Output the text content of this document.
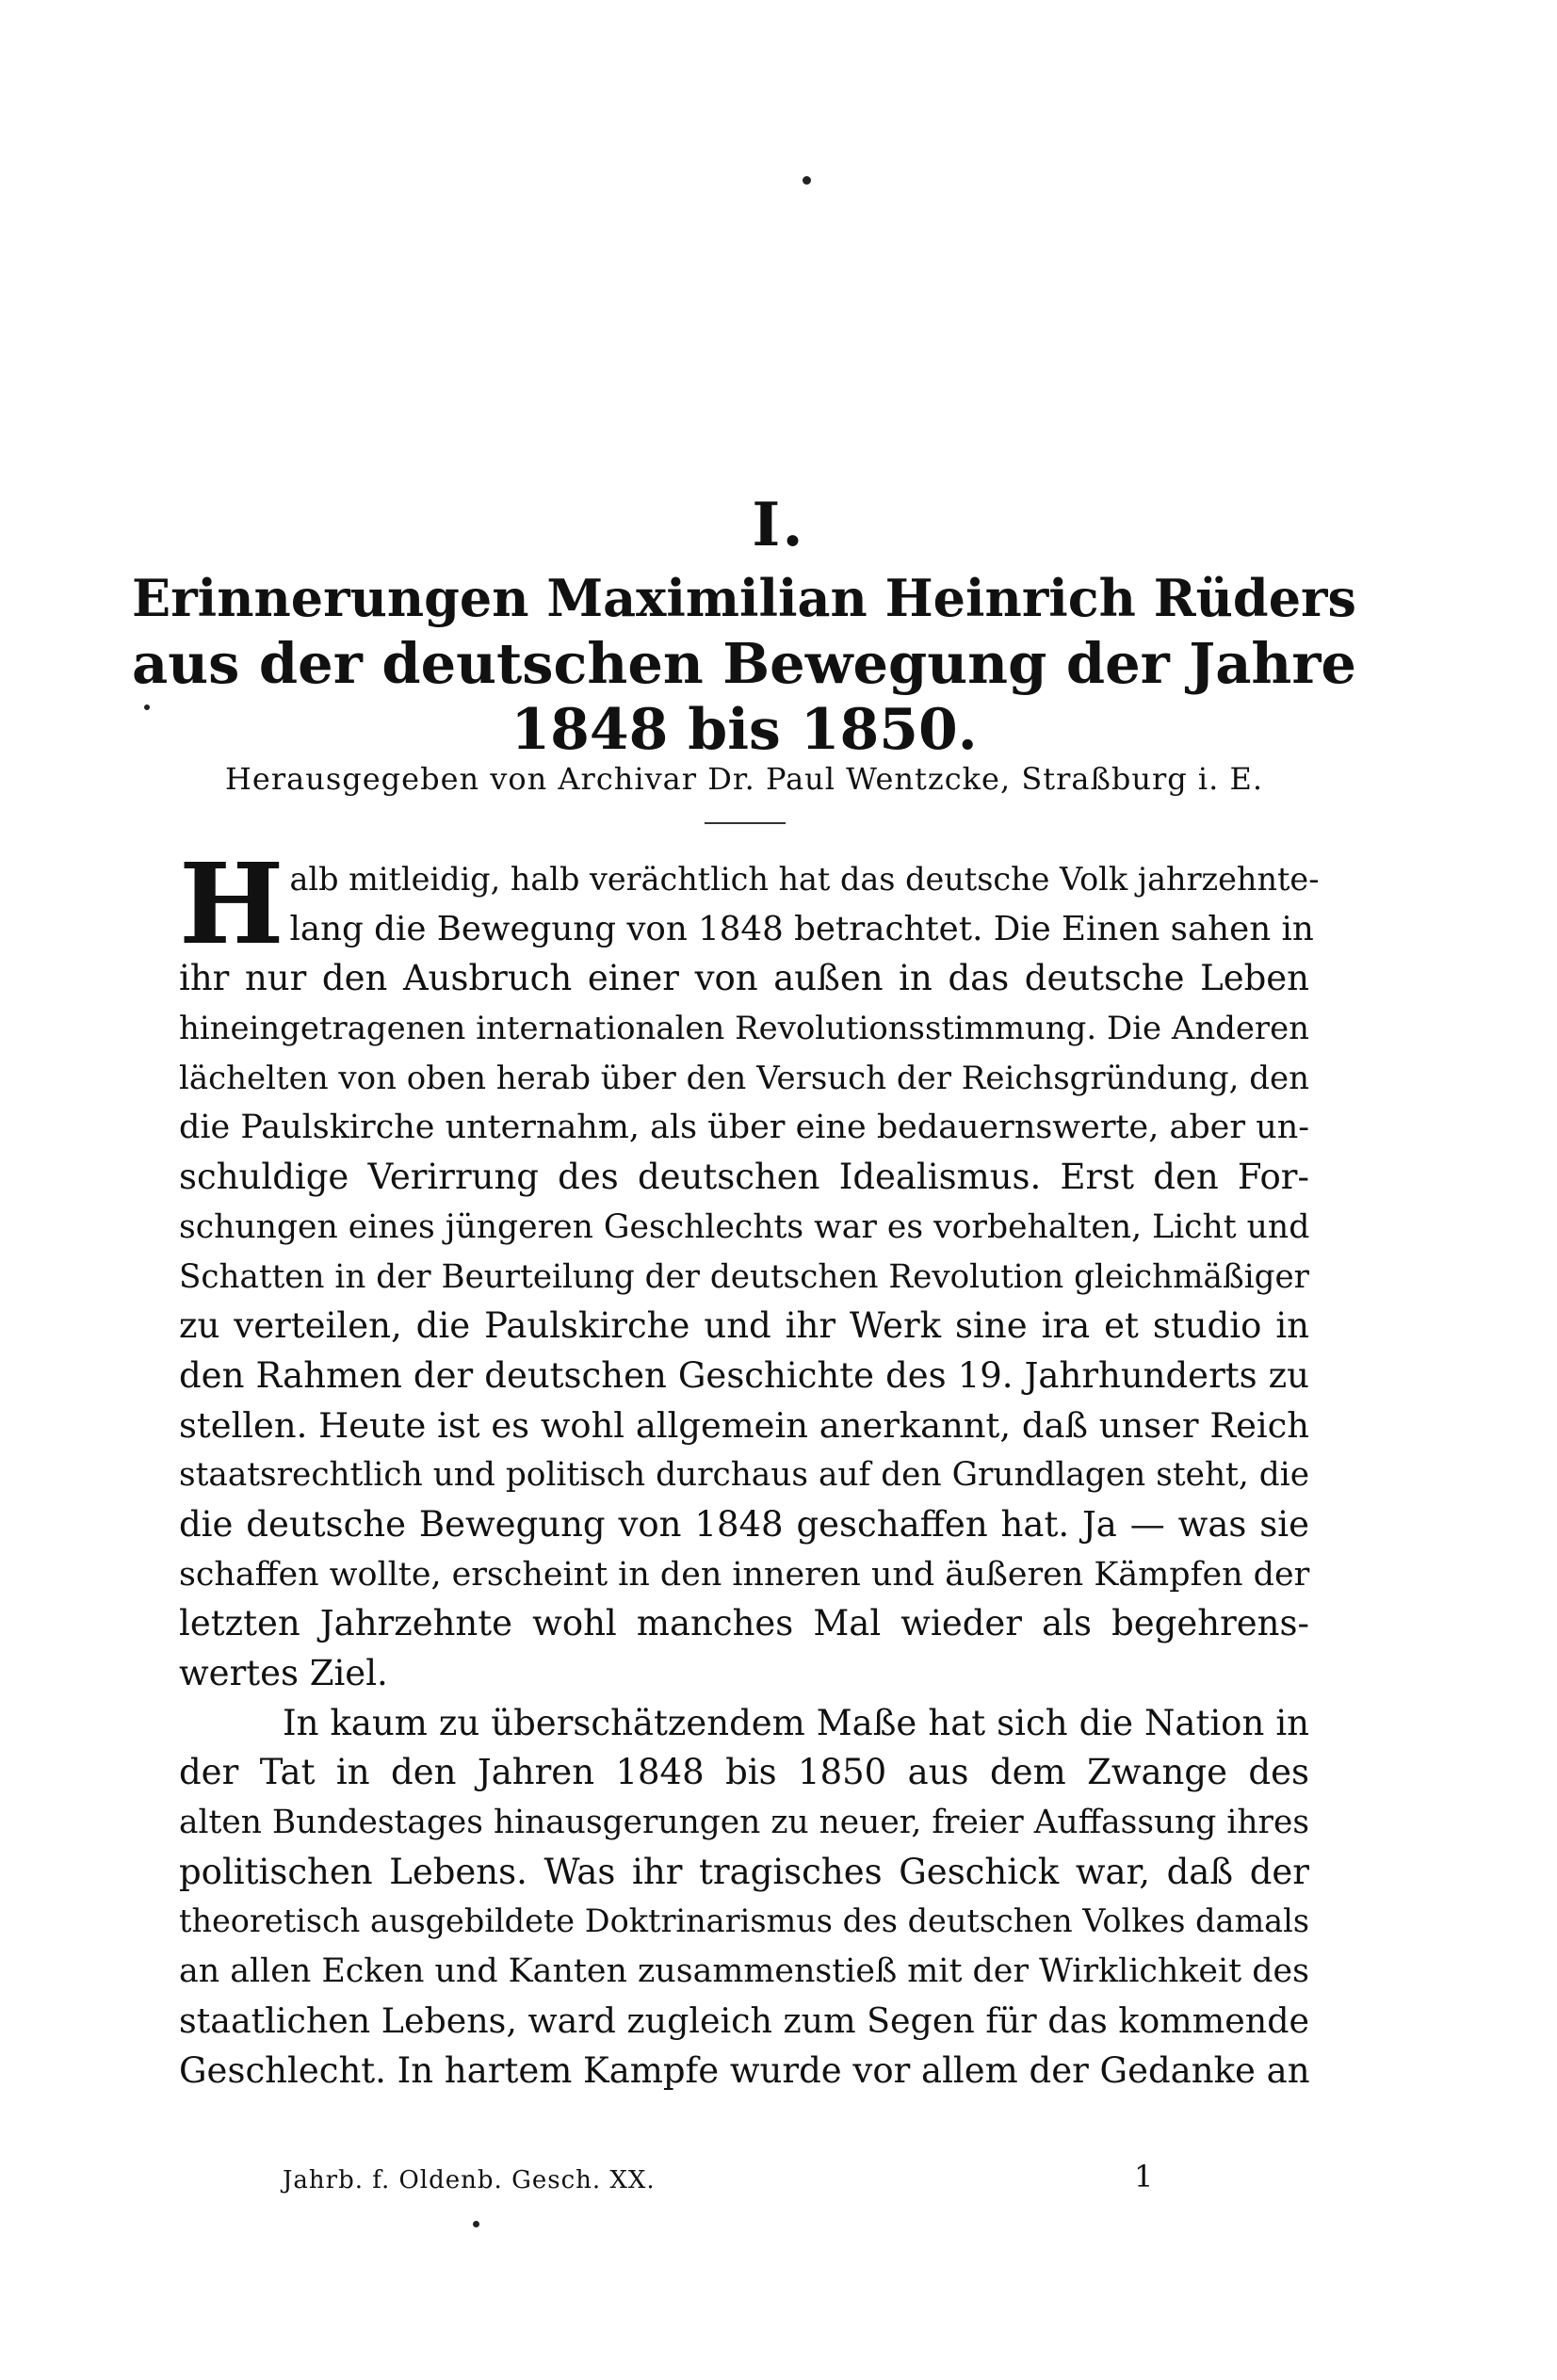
I.
Erinnerungen Maximilian Heinrich Rüders
aus der deutschen Bewegung der Jahre
1848 bis 1850.
Herausgegeben von Archivar Dr. Paul Wentzcke, Straßburg i. E.
H alb mitleidig, halb verächtlich hat das deutsche Volk jahrzehnte-
lang die Bewegung von 1848 betrachtet. Die Einen sahen in
ihr nur den Ausbruch einer von außen in das deutsche Leben
hineingetragenen internationalen Revolutionsstimmung. Die Anderen
lächelten von oben herab über den Versuch der Reichsgründung, den
die Paulskirche unternahm, als über eine bedauernswerte, aber un-
schuldige Verirrung des deutschen Idealismus. Erst den For-
schungen eines jüngeren Geschlechts war es vorbehalten, Licht und
Schatten in der Beurteilung der deutschen Revolution gleichmäßiger
zu verteilen, die Paulskirche und ihr Werk sine ira et studio in
den Rahmen der deutschen Geschichte des 19. Jahrhunderts zu
stellen. Heute ist es wohl allgemein anerkannt, daß unser Reich
staatsrechtlich und politisch durchaus auf den Grundlagen steht, die
die deutsche Bewegung von 1848 geschaffen hat. Ja — was sie
schaffen wollte, erscheint in den inneren und äußeren Kämpfen der
letzten Jahrzehnte wohl manches Mal wieder als begehrens-
wertes Ziel.
In kaum zu überschätzendem Maße hat sich die Nation in
der Tat in den Jahren 1848 bis 1850 aus dem Zwange des
alten Bundestages hinausgerungen zu neuer, freier Auffassung ihres
politischen Lebens. Was ihr tragisches Geschick war, daß der
theoretisch ausgebildete Doktrinarismus des deutschen Volkes damals
an allen Ecken und Kanten zusammenstieß mit der Wirklichkeit des
staatlichen Lebens, ward zugleich zum Segen für das kommende
Geschlecht. In hartem Kampfe wurde vor allem der Gedanke an
Jahrb. f. Oldenb. Gesch. XX.	1
